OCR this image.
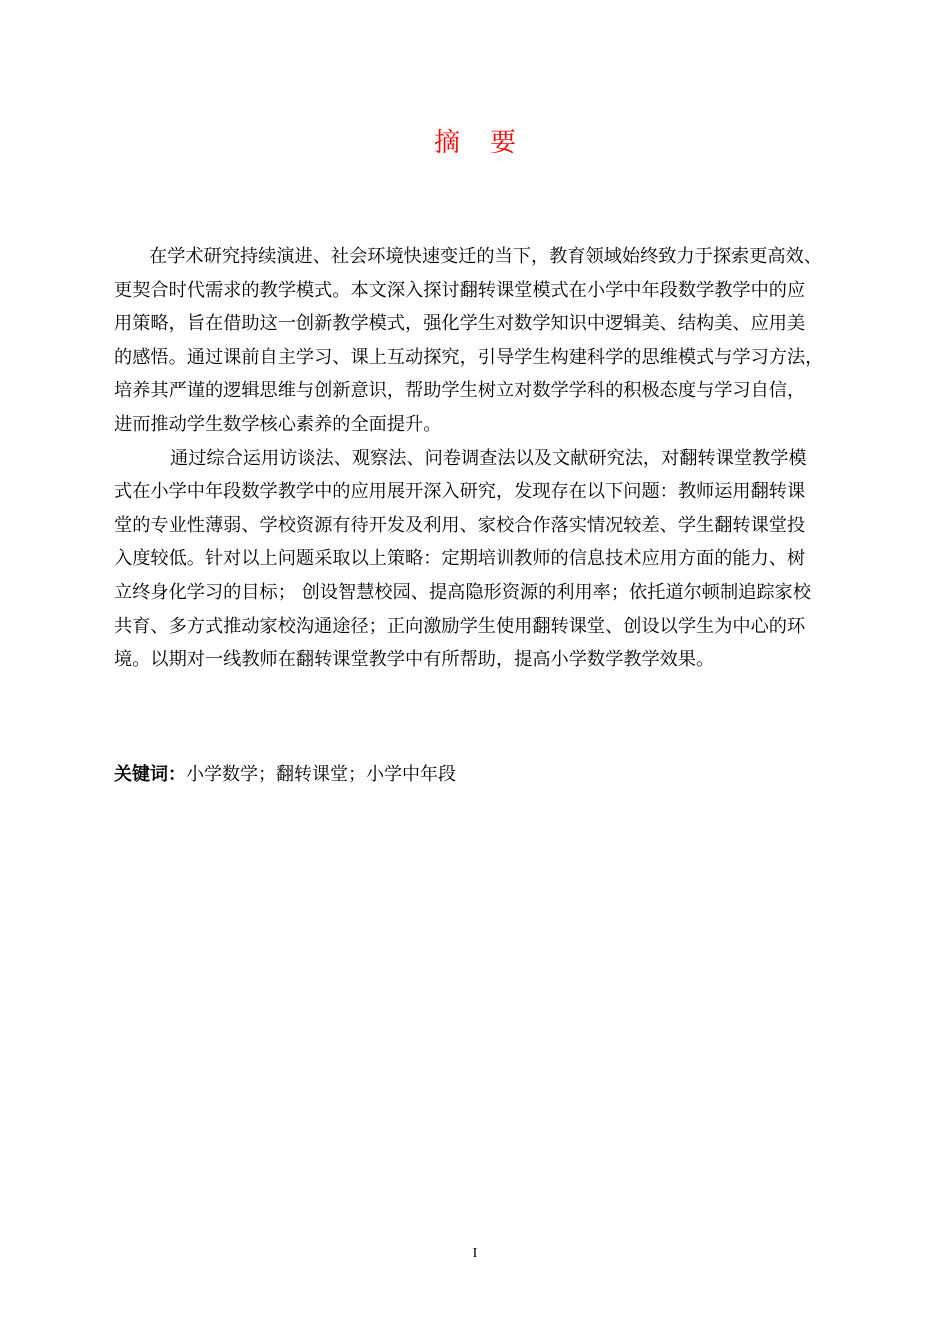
摘要

在学术研究持续演进、社会环境快速变迁的当下，教育领域始终致力于探索更高效、
更契合时代需求的教学模式。本文深入探讨翻转课堂模式在小学中年段数学教学中的应
用策略，旨在借助这一创新教学模式，强化学生对数学知识中逻辑美、结构美、应用美
的感悟。通过课前自主学习、课上互动探究，引导学生构建科学的思维模式与学习方法，
培养其严谨的逻辑思维与创新意识，帮助学生树立对数学学科的积极态度与学习自信，
进而推动学生数学核心素养的全面提升。

通过综合运用访谈法、观察法、问卷调查法以及文献研究法，对翻转课堂教学模
式在小学中年段数学教学中的应用展开深入研究，发现存在以下问题：教师运用翻转课
堂的专业性薄弱、学校资源有待开发及利用、家校合作落实情况较差、学生翻转课堂投
入度较低。针对以上问题采取以上策略：定期培训教师的信息技术应用方面的能力、树
立终身化学习的目标； 创设智慧校园、提高隐形资源的利用率；依托道尔顿制追踪家校
共育、多方式推动家校沟通途径；正向激励学生使用翻转课堂、创设以学生为中心的环
境。以期对一线教师在翻转课堂教学中有所帮助，提高小学数学教学效果。

关键词：小学数学；翻转课堂；小学中年段
I
